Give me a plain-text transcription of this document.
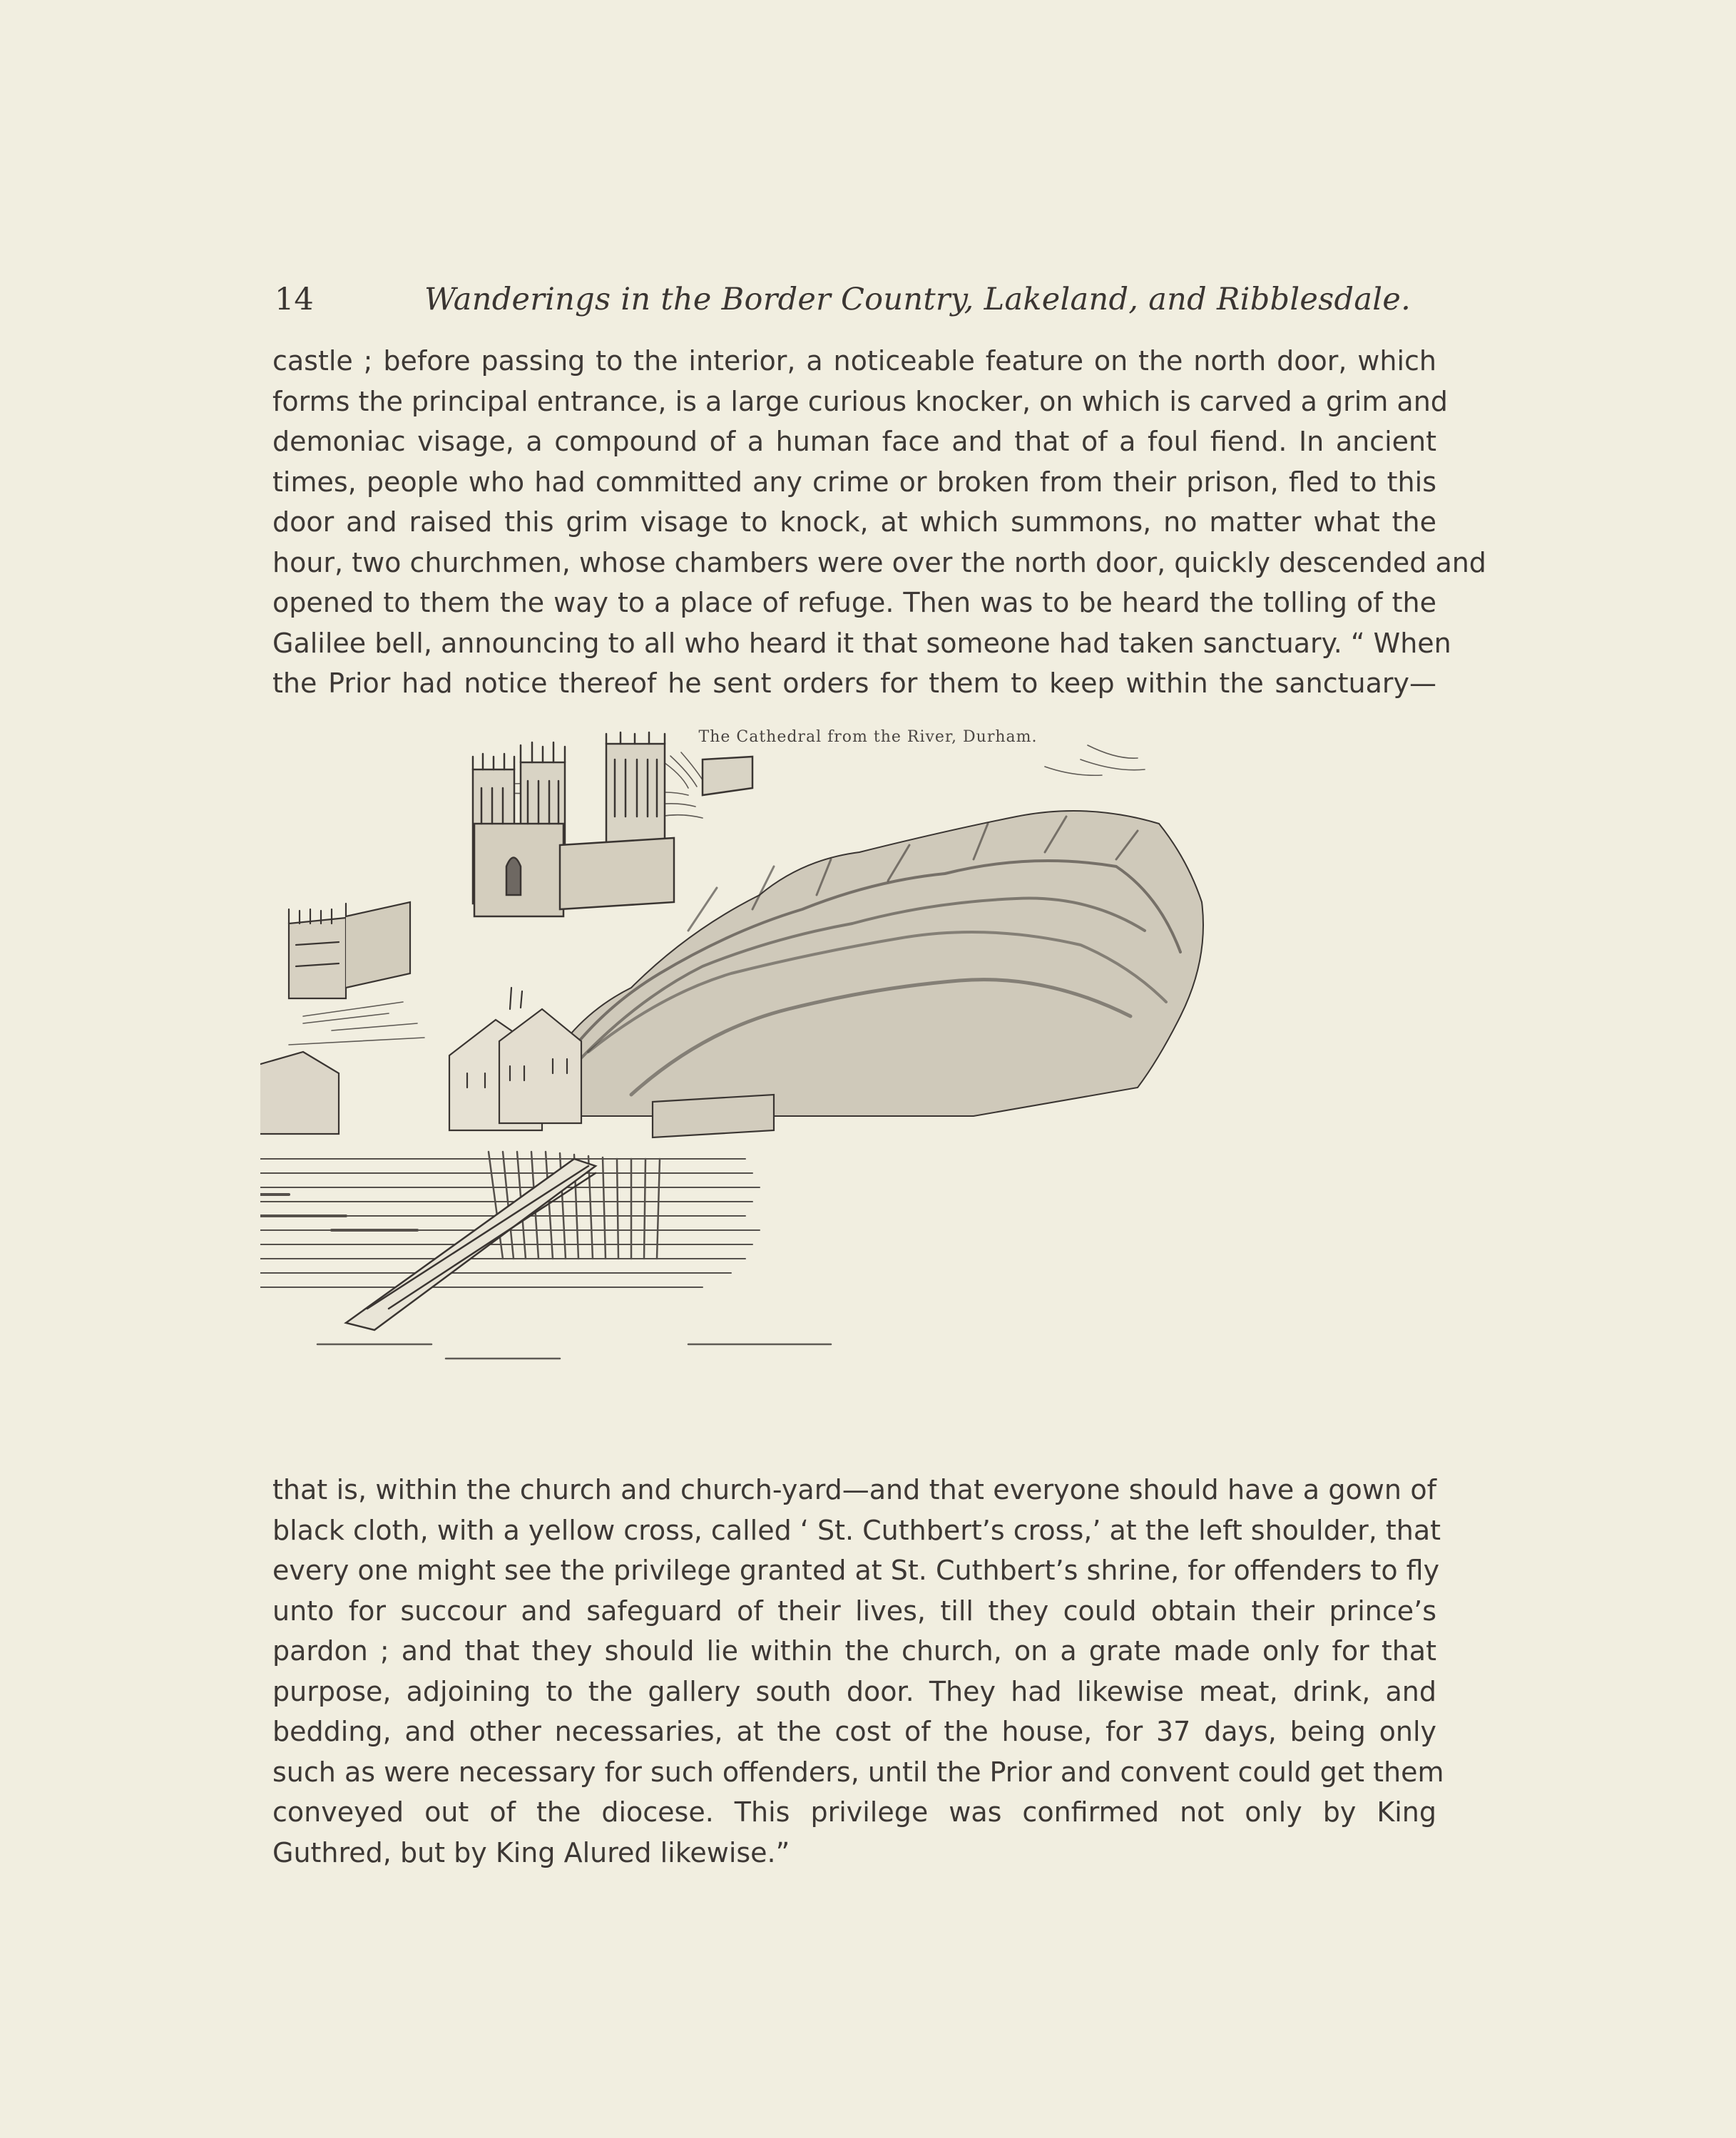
14	Wanderings in the Border Country, Lakeland, and Ribblesdale.
castle ; before passing to the interior, a noticeable feature on the north door, which
forms the principal entrance, is a large curious knocker, on which is carved a grim and
demoniac visage, a compound of a human face and that of a foul fiend. In ancient
times, people who had committed any crime or broken from their prison, fled to this
door and raised this grim visage to knock, at which summons, no matter what the
hour, two churchmen, whose chambers were over the north door, quickly descended and
opened to them the way to a place of refuge. Then was to be heard the tolling of the
Galilee bell, announcing to all who heard it that someone had taken sanctuary. “ When
the Prior had notice thereof he sent orders for them to keep within the sanctuary—
The Cathedral from the River, Durham.
that is, within the church and church-yard—and that everyone should have a gown of
black cloth, with a yellow cross, called ‘ St. Cuthbert’s cross,’ at the left shoulder, that
every one might see the privilege granted at St. Cuthbert’s shrine, for offenders to fly
unto for succour and safeguard of their lives, till they could obtain their prince’s
pardon ; and that they should lie within the church, on a grate made only for that
purpose, adjoining to the gallery south door. They had likewise meat, drink, and
bedding, and other necessaries, at the cost of the house, for 37 days, being only
such as were necessary for such offenders, until the Prior and convent could get them
conveyed out of the diocese. This privilege was confirmed not only by King
Guthred, but by King Alured likewise.”
